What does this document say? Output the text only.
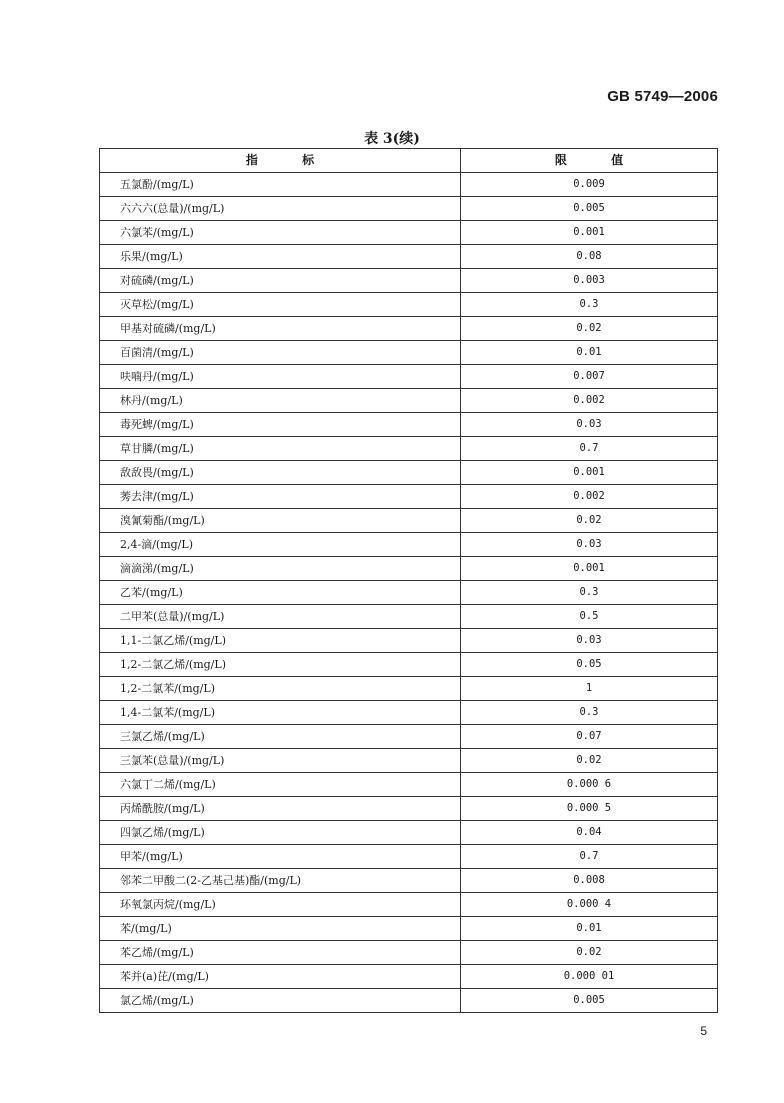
GB 5749—2006
表 3(续)
指 标	限 值
五氯酚/(mg/L)	0.009
六六六(总量)/(mg/L)	0.005
六氯苯/(mg/L)	0.001
乐果/(mg/L)	0.08
对硫磷/(mg/L)	0.003
灭草松/(mg/L)	0.3
甲基对硫磷/(mg/L)	0.02
百菌清/(mg/L)	0.01
呋喃丹/(mg/L)	0.007
林丹/(mg/L)	0.002
毒死蜱/(mg/L)	0.03
草甘膦/(mg/L)	0.7
敌敌畏/(mg/L)	0.001
莠去津/(mg/L)	0.002
溴氰菊酯/(mg/L)	0.02
2,4-滴/(mg/L)	0.03
滴滴涕/(mg/L)	0.001
乙苯/(mg/L)	0.3
二甲苯(总量)/(mg/L)	0.5
1,1-二氯乙烯/(mg/L)	0.03
1,2-二氯乙烯/(mg/L)	0.05
1,2-二氯苯/(mg/L)	1
1,4-二氯苯/(mg/L)	0.3
三氯乙烯/(mg/L)	0.07
三氯苯(总量)/(mg/L)	0.02
六氯丁二烯/(mg/L)	0.000 6
丙烯酰胺/(mg/L)	0.000 5
四氯乙烯/(mg/L)	0.04
甲苯/(mg/L)	0.7
邻苯二甲酸二(2-乙基己基)酯/(mg/L)	0.008
环氧氯丙烷/(mg/L)	0.000 4
苯/(mg/L)	0.01
苯乙烯/(mg/L)	0.02
苯并(a)芘/(mg/L)	0.000 01
氯乙烯/(mg/L)	0.005
5
